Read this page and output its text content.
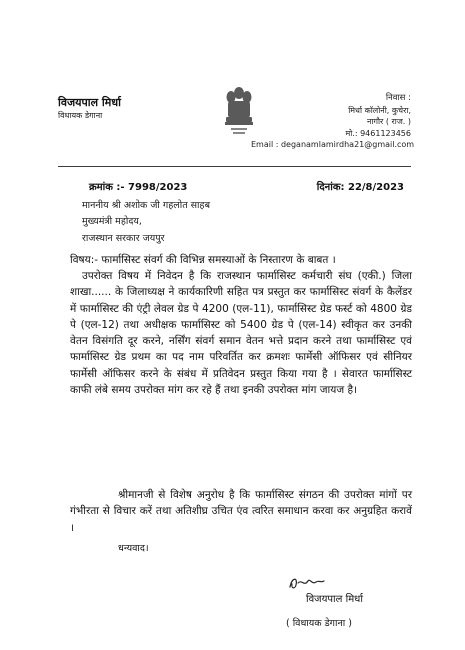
विजयपाल मिर्धा
विधायक डेगाना
निवास :
मिर्धा कॉलोनी, कुचेरा,
नागौर ( राज. )
मो.: 9461123456
Email : deganamlamirdha21@gmail.com
क्रमांक :- 7998/2023	दिनांक: 22/8/2023
माननीय श्री अशोक जी गहलोत साहब
मुख्यमंत्री महोदय,
राजस्थान सरकार जयपुर
विषय:- फार्मासिस्ट संवर्ग की विभिन्न समस्याओं के निस्तारण के बाबत ।
उपरोक्त विषय में निवेदन है कि राजस्थान फार्मासिस्ट कर्मचारी संघ (एकी.) जिला शाखा...... के जिलाध्यक्ष ने कार्यकारिणी सहित पत्र प्रस्तुत कर फार्मासिस्ट संवर्ग के कैलेंडर में फार्मासिस्ट की एंट्री लेवल ग्रेड पे 4200 (एल-11), फार्मासिस्ट ग्रेड फर्स्ट को 4800 ग्रेड पे (एल-12) तथा अधीक्षक फार्मासिस्ट को 5400 ग्रेड पे (एल-14) स्वीकृत कर उनकी वेतन विसंगति दूर करने, नर्सिंग संवर्ग समान वेतन भत्ते प्रदान करने तथा फार्मासिस्ट एवं फार्मासिस्ट ग्रेड प्रथम का पद नाम परिवर्तित कर क्रमशः फार्मेसी ऑफिसर एवं सीनियर फार्मेसी ऑफिसर करने के संबंध में प्रतिवेदन प्रस्तुत किया गया है । सेवारत फार्मासिस्ट काफी लंबे समय उपरोक्त मांग कर रहे हैं तथा इनकी उपरोक्त मांग जायज है।
श्रीमानजी से विशेष अनुरोध है कि फार्मासिस्ट संगठन की उपरोक्त मांगों पर गंभीरता से विचार करें तथा अतिशीघ्र उचित एंव त्वरित समाधान करवा कर अनुग्रहित करावें ।
धन्यवाद।
विजयपाल मिर्धा
( विधायक डेगाना )
